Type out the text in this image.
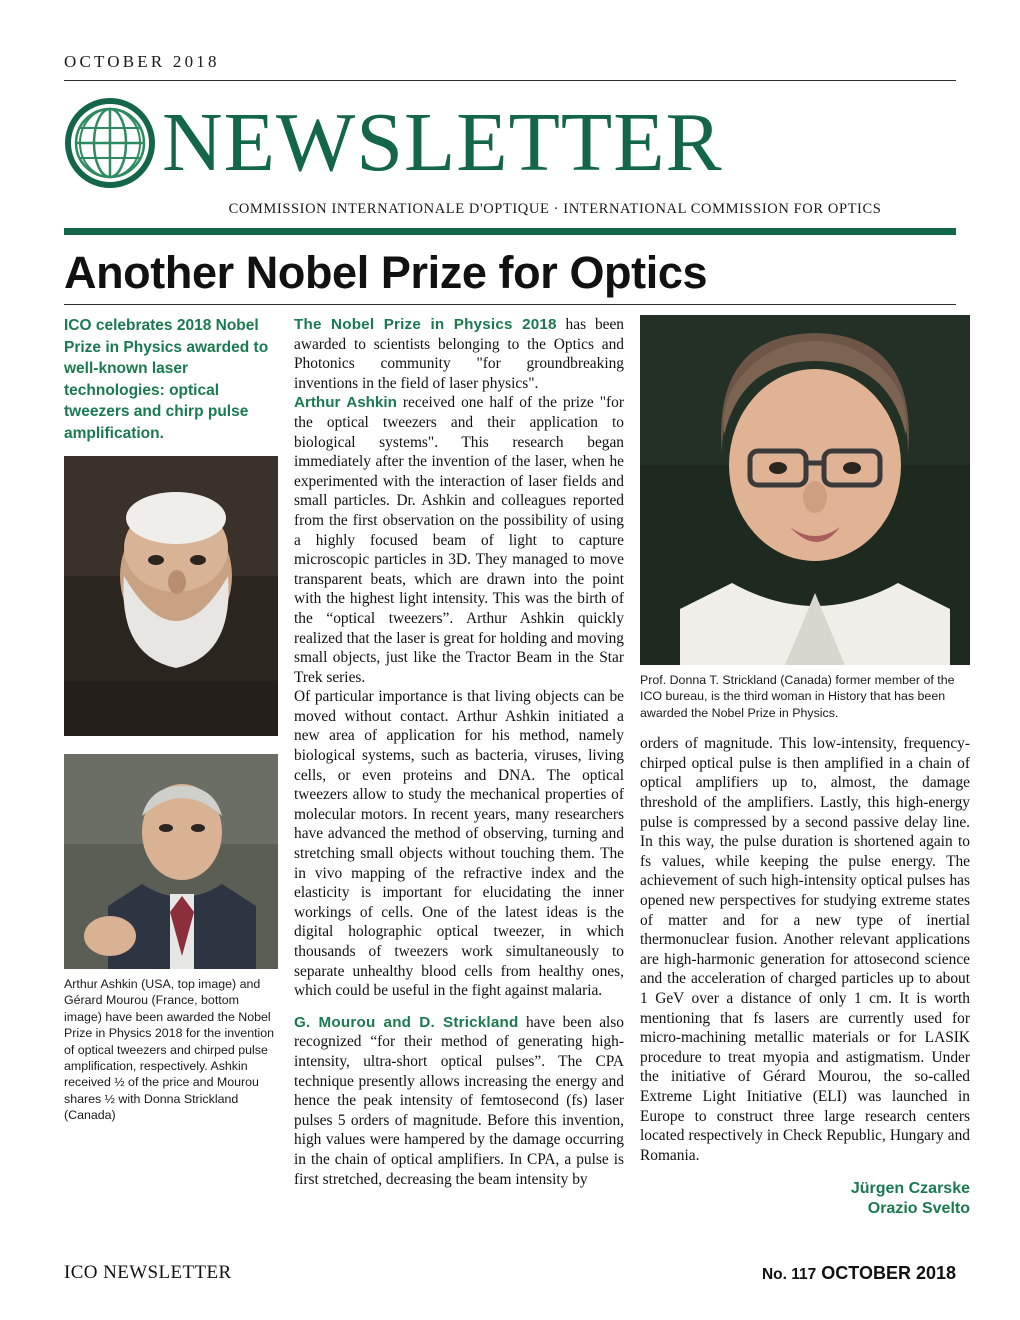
OCTOBER 2018
NEWSLETTER
COMMISSION INTERNATIONALE D'OPTIQUE · INTERNATIONAL COMMISSION FOR OPTICS
Another Nobel Prize for Optics
ICO celebrates 2018 Nobel Prize in Physics awarded to well-known laser technologies: optical tweezers and chirp pulse amplification.
Arthur Ashkin (USA, top image) and Gérard Mourou (France, bottom image) have been awarded the Nobel Prize in Physics 2018 for the invention of optical tweezers and chirped pulse amplification, respectively. Ashkin received ½ of the price and Mourou shares ½ with Donna Strickland (Canada)

The Nobel Prize in Physics 2018 has been awarded to scientists belonging to the Optics and Photonics community "for groundbreaking inventions in the field of laser physics".

Arthur Ashkin received one half of the prize "for the optical tweezers and their application to biological systems". This research began immediately after the invention of the laser, when he experimented with the interaction of laser fields and small particles. Dr. Ashkin and colleagues reported from the first observation on the possibility of using a highly focused beam of light to capture microscopic particles in 3D. They managed to move transparent beats, which are drawn into the point with the highest light intensity. This was the birth of the “optical tweezers”. Arthur Ashkin quickly realized that the laser is great for holding and moving small objects, just like the Tractor Beam in the Star Trek series.

Of particular importance is that living objects can be moved without contact. Arthur Ashkin initiated a new area of application for his method, namely biological systems, such as bacteria, viruses, living cells, or even proteins and DNA. The optical tweezers allow to study the mechanical properties of molecular motors. In recent years, many researchers have advanced the method of observing, turning and stretching small objects without touching them. The in vivo mapping of the refractive index and the elasticity is important for elucidating the inner workings of cells. One of the latest ideas is the digital holographic optical tweezer, in which thousands of tweezers work simultaneously to separate unhealthy blood cells from healthy ones, which could be useful in the fight against malaria.

G. Mourou and D. Strickland have been also recognized “for their method of generating high-intensity, ultra-short optical pulses”. The CPA technique presently allows increasing the energy and hence the peak intensity of femtosecond (fs) laser pulses 5 orders of magnitude. Before this invention, high values were hampered by the damage occurring in the chain of optical amplifiers. In CPA, a pulse is first stretched, decreasing the beam intensity by

Prof. Donna T. Strickland (Canada) former member of the ICO bureau, is the third woman in History that has been awarded the Nobel Prize in Physics.

orders of magnitude. This low-intensity, frequency-chirped optical pulse is then amplified in a chain of optical amplifiers up to, almost, the damage threshold of the amplifiers. Lastly, this high-energy pulse is compressed by a second passive delay line. In this way, the pulse duration is shortened again to fs values, while keeping the pulse energy. The achievement of such high-intensity optical pulses has opened new perspectives for studying extreme states of matter and for a new type of inertial thermonuclear fusion. Another relevant applications are high-harmonic generation for attosecond science and the acceleration of charged particles up to about 1 GeV over a distance of only 1 cm. It is worth mentioning that fs lasers are currently used for micro-machining metallic materials or for LASIK procedure to treat myopia and astigmatism. Under the initiative of Gérard Mourou, the so-called Extreme Light Initiative (ELI) was launched in Europe to construct three large research centers located respectively in Check Republic, Hungary and Romania.

Jürgen Czarske
Orazio Svelto
ICO NEWSLETTER	No. 117 OCTOBER 2018
